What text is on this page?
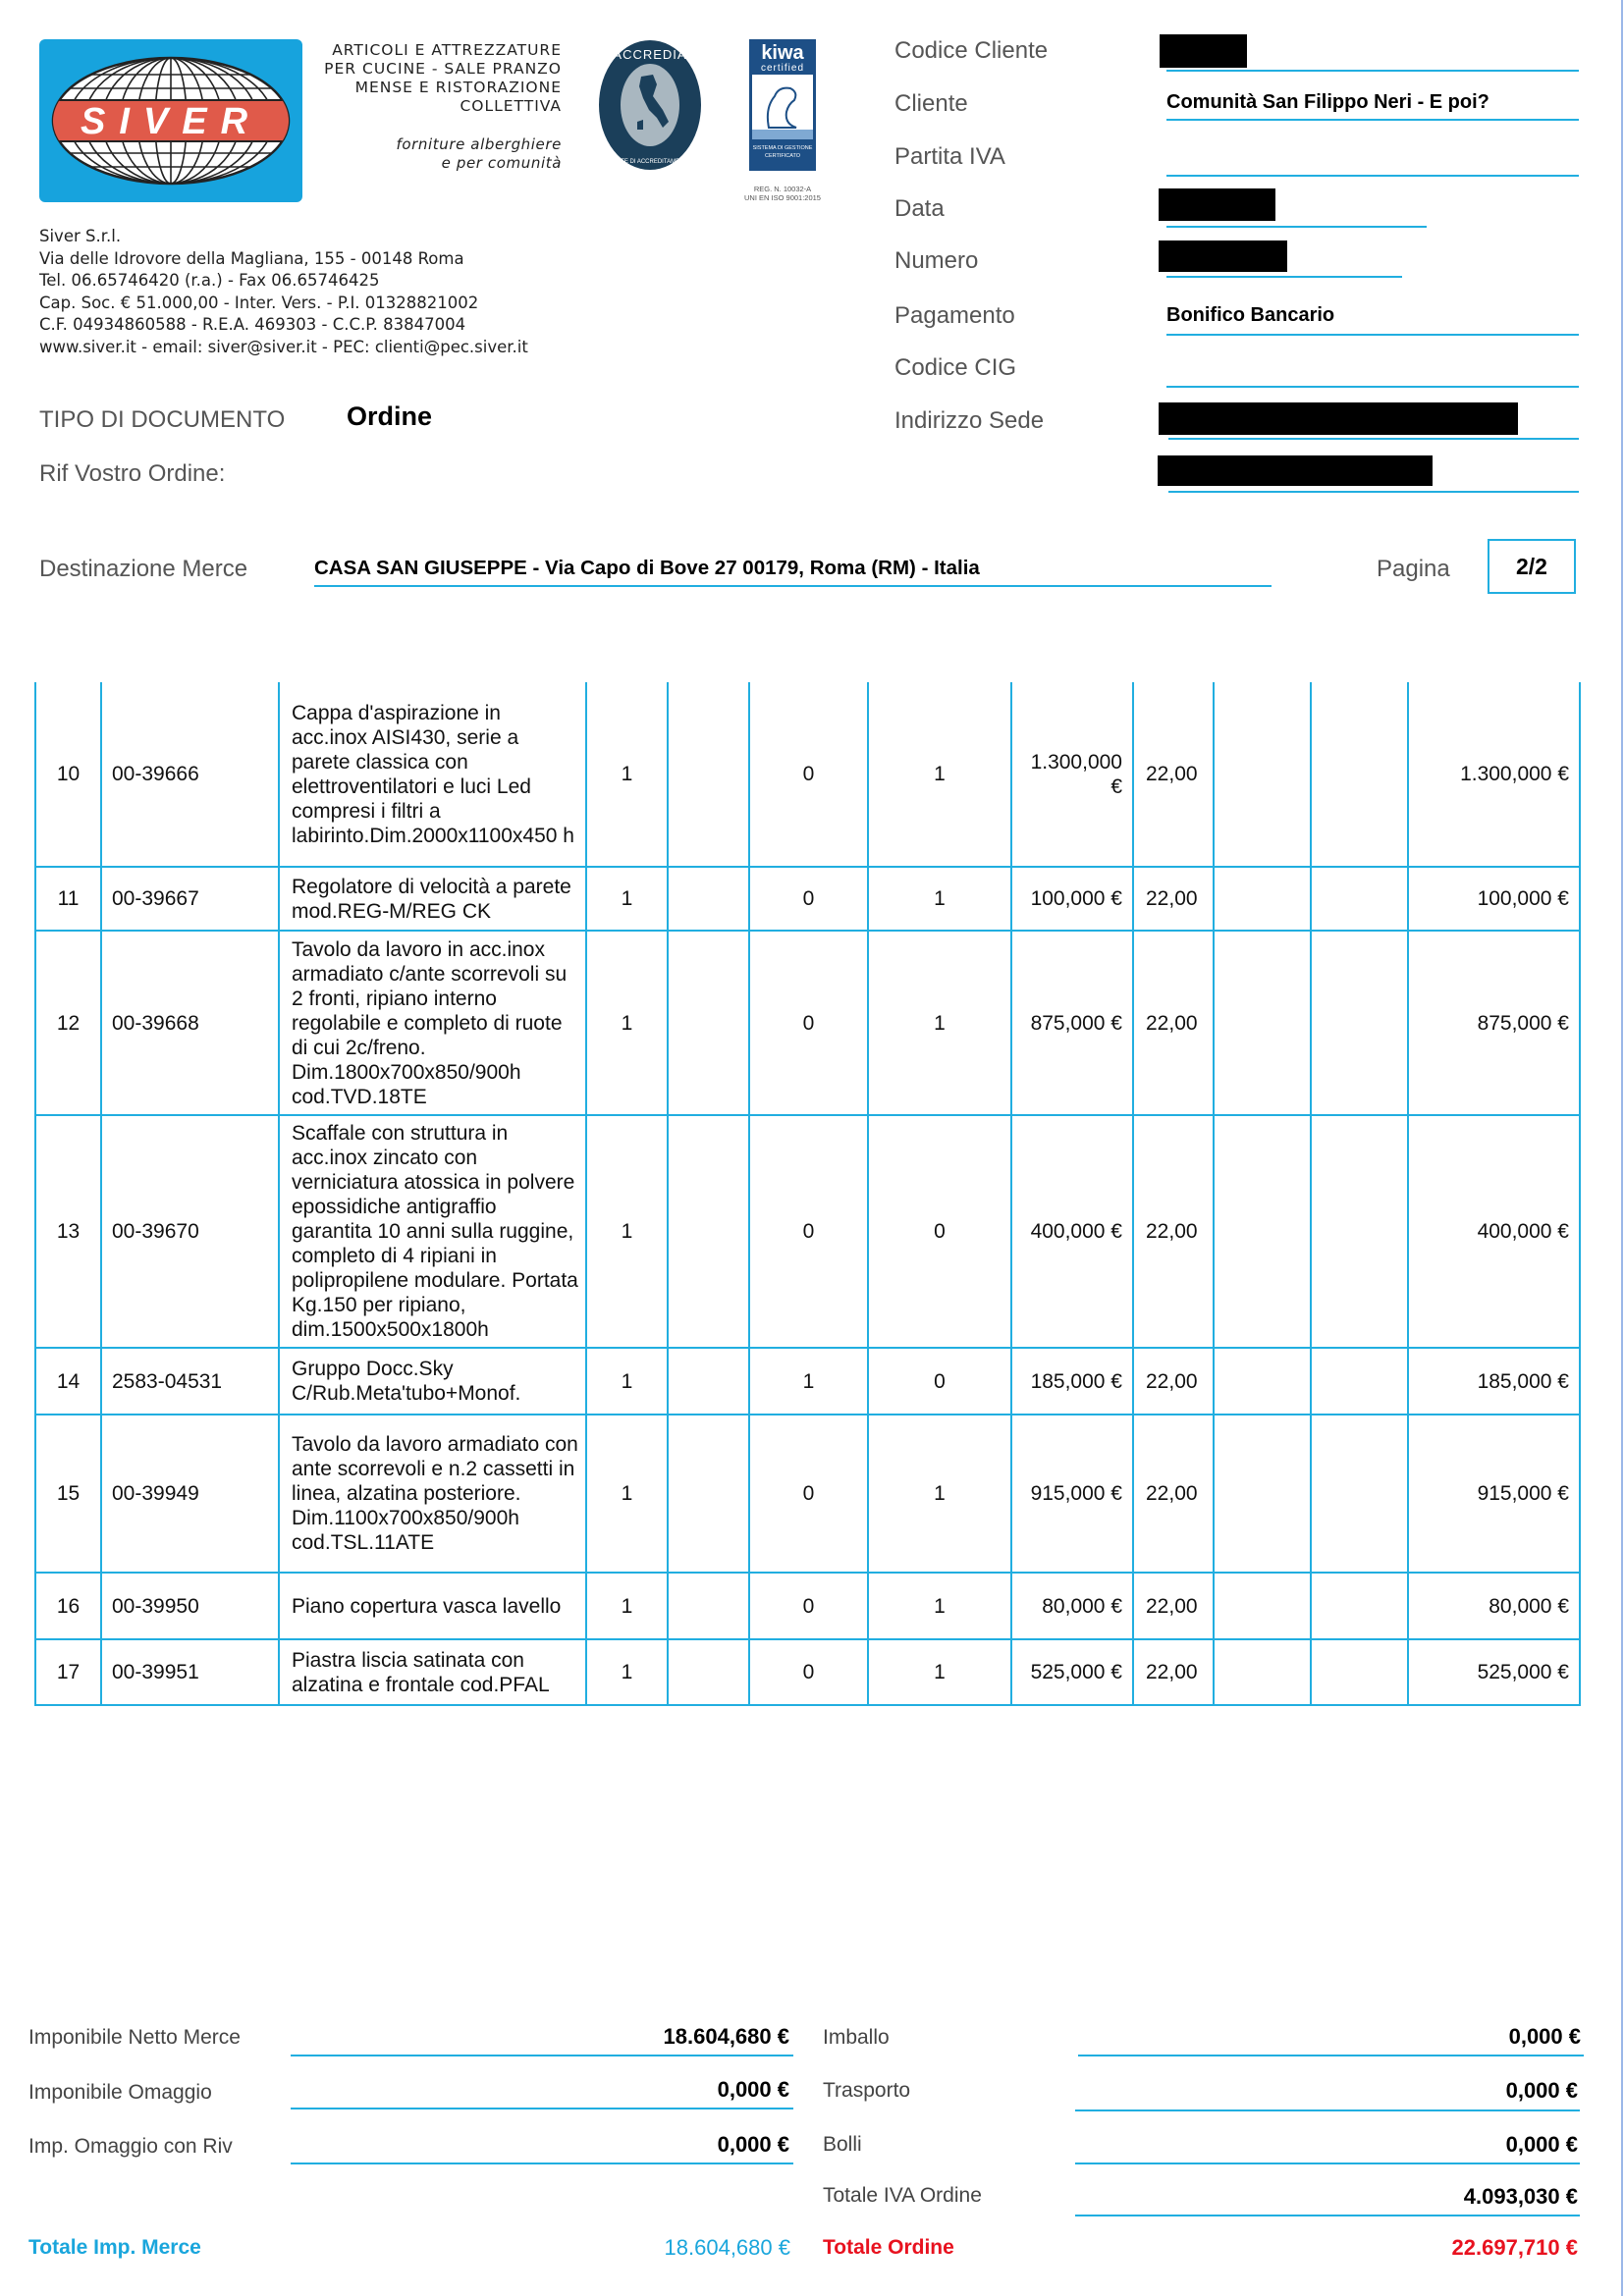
SIVER
ARTICOLI E ATTREZZATURE
PER CUCINE - SALE PRANZO
MENSE E RISTORAZIONE
COLLETTIVA
forniture alberghiere
e per comunità
ACCREDIA
L'ENTE DI ACCREDITAMENTO
kiwa
certified
SISTEMA DI GESTIONE
CERTIFICATO
REG. N. 10032-A
UNI EN ISO 9001:2015
Siver S.r.l.
Via delle Idrovore della Magliana, 155 - 00148 Roma
Tel. 06.65746420 (r.a.) - Fax 06.65746425
Cap. Soc. € 51.000,00 - Inter. Vers. - P.I. 01328821002
C.F. 04934860588 - R.E.A. 469303 - C.C.P. 83847004
www.siver.it - email: siver@siver.it - PEC: clienti@pec.siver.it
Codice Cliente
Cliente	Comunità San Filippo Neri - E poi?
Partita IVA
Data
Numero
Pagamento	Bonifico Bancario
Codice CIG
Indirizzo Sede
TIPO DI DOCUMENTO Ordine
Rif Vostro Ordine:
Destinazione Merce	CASA SAN GIUSEPPE - Via Capo di Bove 27 00179, Roma (RM) - Italia	Pagina	2/2
10	00-39666	Cappa d'aspirazione in acc.inox AISI430, serie a parete classica con elettroventilatori e luci Led compresi i filtri a labirinto.Dim.2000x1100x450 h	1		0	1	1.300,000 €	22,00			1.300,000 €
11	00-39667	Regolatore di velocità a parete mod.REG-M/REG CK	1		0	1	100,000 €	22,00			100,000 €
12	00-39668	Tavolo da lavoro in acc.inox armadiato c/ante scorrevoli su 2 fronti, ripiano interno regolabile e completo di ruote di cui 2c/freno. Dim.1800x700x850/900h cod.TVD.18TE	1		0	1	875,000 €	22,00			875,000 €
13	00-39670	Scaffale con struttura in acc.inox zincato con verniciatura atossica in polvere epossidiche antigraffio garantita 10 anni sulla ruggine, completo di 4 ripiani in polipropilene modulare. Portata Kg.150 per ripiano, dim.1500x500x1800h	1		0	0	400,000 €	22,00			400,000 €
14	2583-04531	Gruppo Docc.Sky C/Rub.Meta'tubo+Monof.	1		1	0	185,000 €	22,00			185,000 €
15	00-39949	Tavolo da lavoro armadiato con ante scorrevoli e n.2 cassetti in linea, alzatina posteriore. Dim.1100x700x850/900h cod.TSL.11ATE	1		0	1	915,000 €	22,00			915,000 €
16	00-39950	Piano copertura vasca lavello	1		0	1	80,000 €	22,00			80,000 €
17	00-39951	Piastra liscia satinata con alzatina e frontale cod.PFAL	1		0	1	525,000 €	22,00			525,000 €
Imponibile Netto Merce	18.604,680 €
Imponibile Omaggio	0,000 €
Imp. Omaggio con Riv	0,000 €
Totale Imp. Merce	18.604,680 €
Imballo	0,000 €
Trasporto	0,000 €
Bolli	0,000 €
Totale IVA Ordine	4.093,030 €
Totale Ordine	22.697,710 €
